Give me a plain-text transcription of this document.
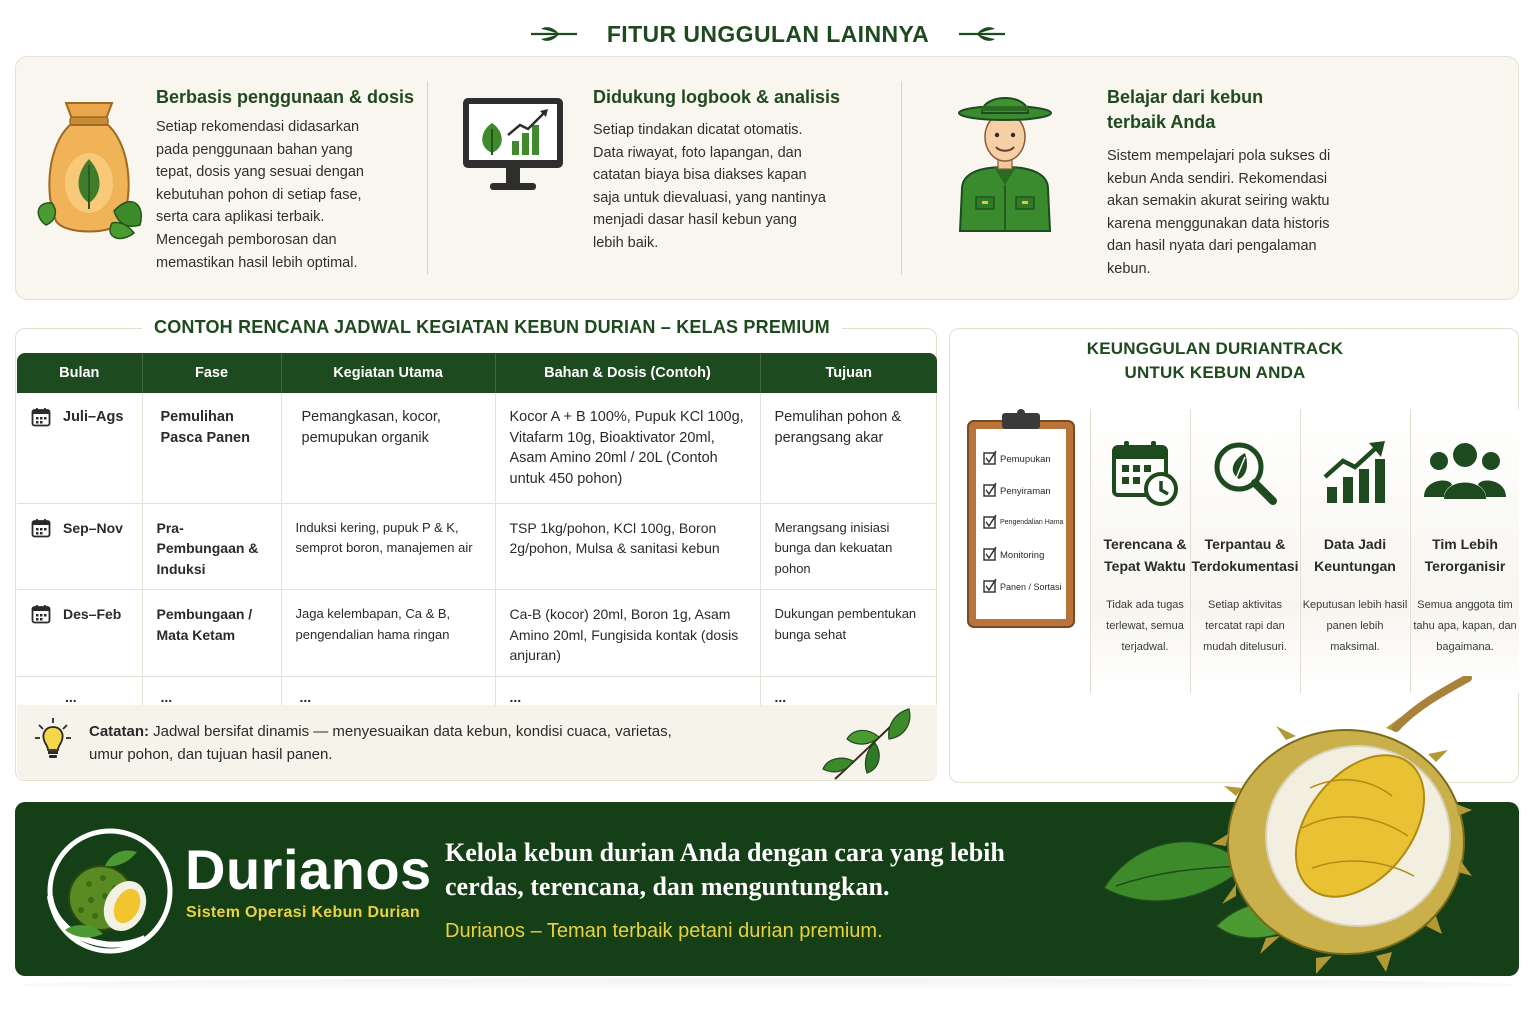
FITUR UNGGULAN LAINNYA
Berbasis penggunaan & dosis

Setiap rekomendasi didasarkan pada penggunaan bahan yang tepat, dosis yang sesuai dengan kebutuhan pohon di setiap fase, serta cara aplikasi terbaik. Mencegah pemborosan dan memastikan hasil lebih optimal.

Didukung logbook & analisis

Setiap tindakan dicatat otomatis. Data riwayat, foto lapangan, dan catatan biaya bisa diakses kapan saja untuk dievaluasi, yang nantinya menjadi dasar hasil kebun yang lebih baik.

Belajar dari kebun terbaik Anda

Sistem mempelajari pola sukses di kebun Anda sendiri. Rekomendasi akan semakin akurat seiring waktu karena menggunakan data historis dan hasil nyata dari pengalaman kebun.

CONTOH RENCANA JADWAL KEGIATAN KEBUN DURIAN – KELAS PREMIUM
Bulan	Fase	Kegiatan Utama	Bahan & Dosis (Contoh)	Tujuan

Juli–Ags	Pemulihan Pasca Panen	Pemangkasan, kocor, pemupukan organik	Kocor A + B 100%, Pupuk KCl 100g, Vitafarm 10g, Bioaktivator 20ml, Asam Amino 20ml / 20L (Contoh untuk 450 pohon)	Pemulihan pohon & perangsang akar

Sep–Nov	Pra-Pembungaan & Induksi	Induksi kering, pupuk P & K, semprot boron, manajemen air	TSP 1kg/pohon, KCl 100g, Boron 2g/pohon, Mulsa & sanitasi kebun	Merangsang inisiasi bunga dan kekuatan pohon

Des–Feb	Pembungaan / Mata Ketam	Jaga kelembapan, Ca & B, pengendalian hama ringan	Ca-B (kocor) 20ml, Boron 1g, Asam Amino 20ml, Fungisida kontak (dosis anjuran)	Dukungan pembentukan bunga sehat
...	...	...	...	...

Catatan: Jadwal bersifat dinamis — menyesuaikan data kebun, kondisi cuaca, varietas, umur pohon, dan tujuan hasil panen.

KEUNGGULAN DURIANTRACK
UNTUK KEBUN ANDA
Pemupukan
Penyiraman
Pengendalian Hama
Monitoring
Panen / Sortasi
Terencana & Tepat Waktu

Tidak ada tugas terlewat, semua terjadwal.

Terpantau & Terdokumentasi

Setiap aktivitas tercatat rapi dan mudah ditelusuri.

Data Jadi Keuntungan

Keputusan lebih hasil panen lebih maksimal.

Tim Lebih Terorganisir

Semua anggota tim tahu apa, kapan, dan bagaimana.

Durianos
Sistem Operasi Kebun Durian
Kelola kebun durian Anda dengan cara yang lebih cerdas, terencana, dan menguntungkan.
Durianos – Teman terbaik petani durian premium.
